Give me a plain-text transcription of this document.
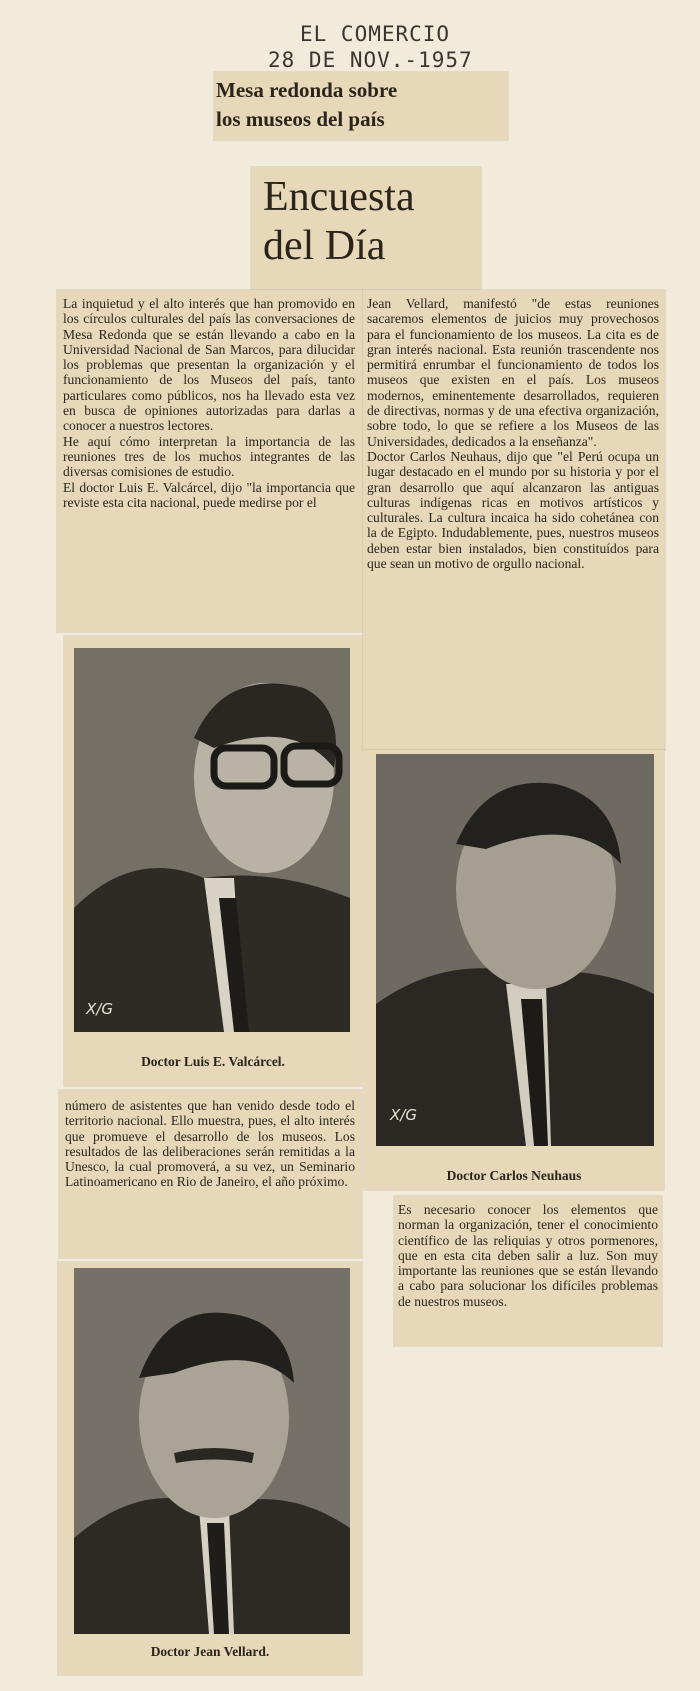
EL COMERCIO
28 DE NOV.-1957
Mesa redonda sobre
los museos del país
Encuesta
del Día
La inquietud y el alto interés que han promovido en los círculos culturales del país las conversaciones de Mesa Redonda que se están llevando a cabo en la Universidad Nacional de San Marcos, para dilucidar los problemas que presentan la organización y el funcionamiento de los Museos del país, tanto particulares como públicos, nos ha llevado esta vez en busca de opiniones autorizadas para darlas a conocer a nuestros lectores.
He aquí cómo interpretan la importancia de las reuniones tres de los muchos integrantes de las diversas comisiones de estudio.
El doctor Luis E. Valcárcel, dijo "la importancia que reviste esta cita nacional, puede medirse por el
X/G
Doctor Luis E. Valcárcel.
número de asistentes que han venido desde todo el territorio nacional. Ello muestra, pues, el alto interés que promueve el desarrollo de los museos. Los resultados de las deliberaciones serán remitidas a la Unesco, la cual promoverá, a su vez, un Seminario Latinoamericano en Rio de Janeiro, el año próximo.
Doctor Jean Vellard.
Jean Vellard, manifestó "de estas reuniones sacaremos elementos de juicios muy provechosos para el funcionamiento de los museos. La cita es de gran interés nacional. Esta reunión trascendente nos permitirá enrumbar el funcionamiento de todos los museos que existen en el país. Los museos modernos, eminentemente desarrollados, requieren de directivas, normas y de una efectiva organización, sobre todo, lo que se refiere a los Museos de las Universidades, dedicados a la enseñanza".
Doctor Carlos Neuhaus, dijo que "el Perú ocupa un lugar destacado en el mundo por su historia y por el gran desarrollo que aquí alcanzaron las antiguas culturas indígenas ricas en motivos artísticos y culturales. La cultura incaica ha sido cohetánea con la de Egipto. Indudablemente, pues, nuestros museos deben estar bien instalados, bien constituídos para que sean un motivo de orgullo nacional.
X/G
Doctor Carlos Neuhaus
Es necesario conocer los elementos que norman la organización, tener el conocimiento científico de las reliquias y otros pormenores, que en esta cita deben salir a luz. Son muy importante las reuniones que se están llevando a cabo para solucionar los difíciles problemas de nuestros museos.
